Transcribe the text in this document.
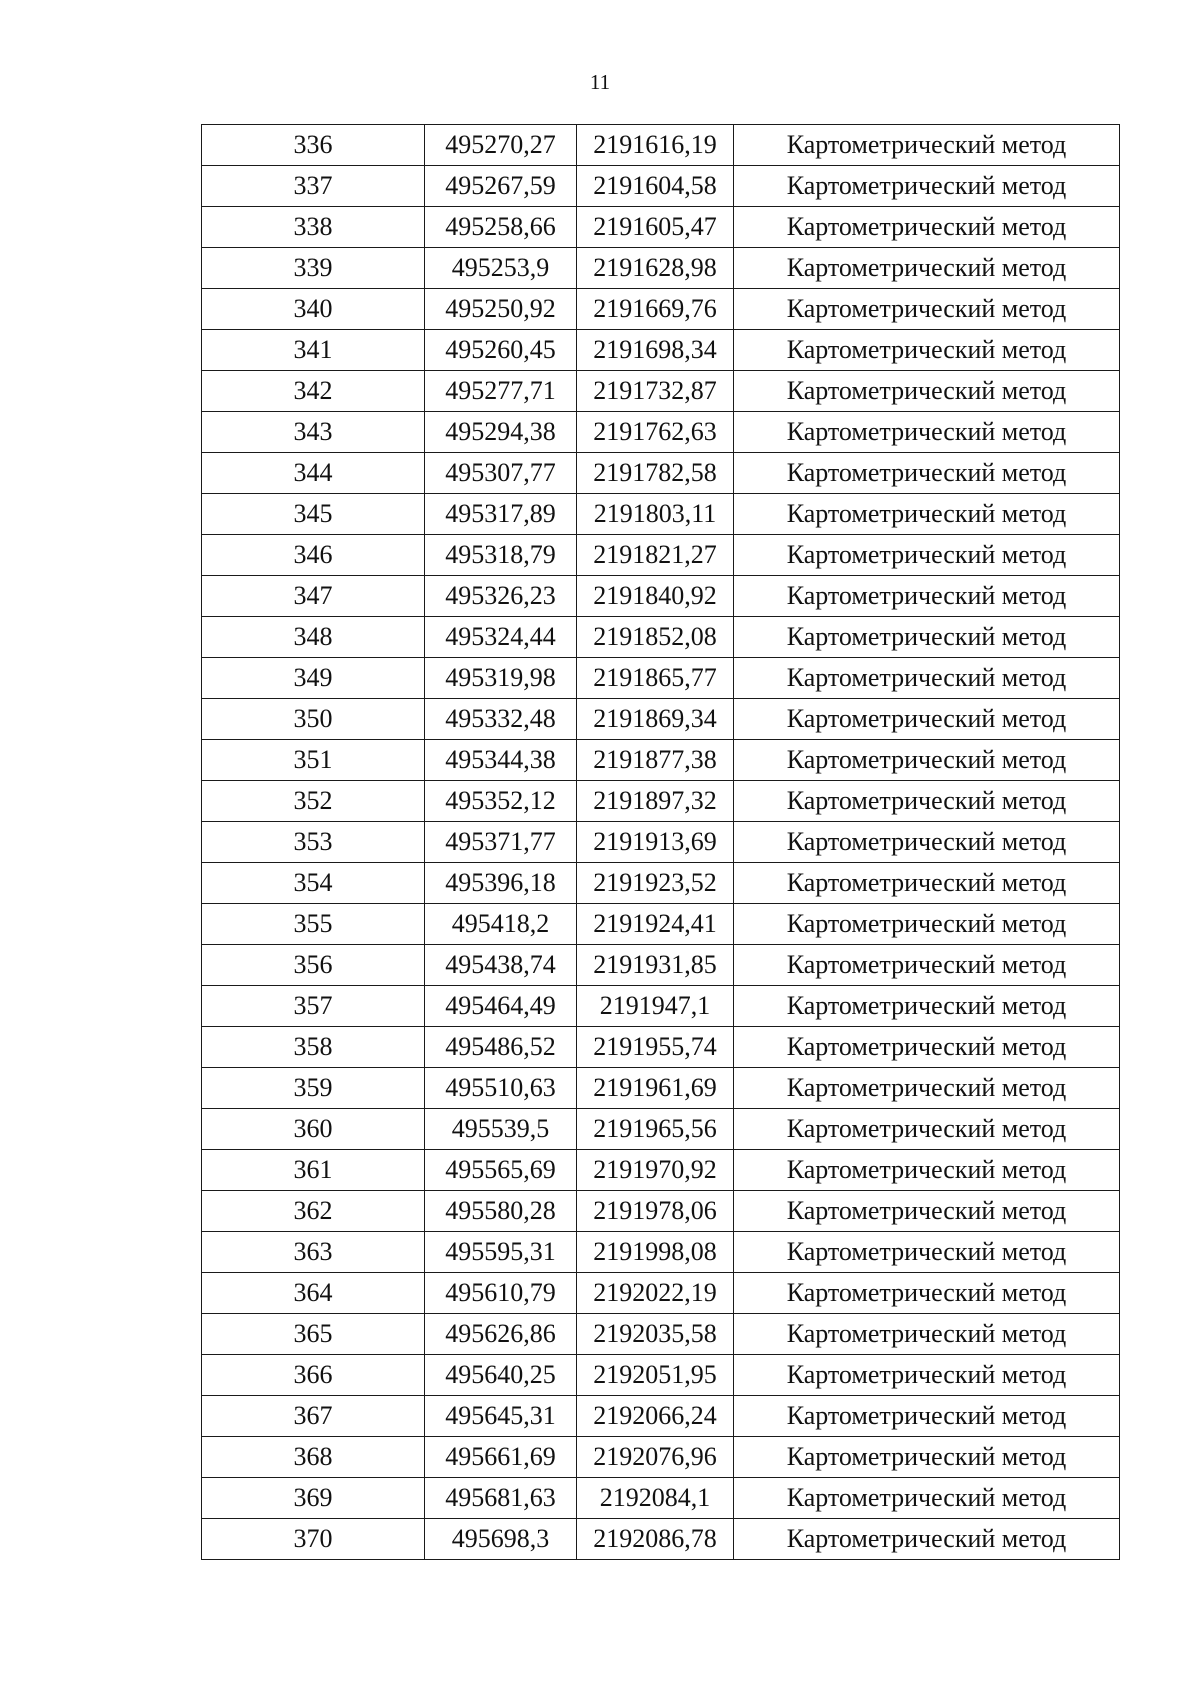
11
336	495270,27	2191616,19	Картометрический метод
337	495267,59	2191604,58	Картометрический метод
338	495258,66	2191605,47	Картометрический метод
339	495253,9	2191628,98	Картометрический метод
340	495250,92	2191669,76	Картометрический метод
341	495260,45	2191698,34	Картометрический метод
342	495277,71	2191732,87	Картометрический метод
343	495294,38	2191762,63	Картометрический метод
344	495307,77	2191782,58	Картометрический метод
345	495317,89	2191803,11	Картометрический метод
346	495318,79	2191821,27	Картометрический метод
347	495326,23	2191840,92	Картометрический метод
348	495324,44	2191852,08	Картометрический метод
349	495319,98	2191865,77	Картометрический метод
350	495332,48	2191869,34	Картометрический метод
351	495344,38	2191877,38	Картометрический метод
352	495352,12	2191897,32	Картометрический метод
353	495371,77	2191913,69	Картометрический метод
354	495396,18	2191923,52	Картометрический метод
355	495418,2	2191924,41	Картометрический метод
356	495438,74	2191931,85	Картометрический метод
357	495464,49	2191947,1	Картометрический метод
358	495486,52	2191955,74	Картометрический метод
359	495510,63	2191961,69	Картометрический метод
360	495539,5	2191965,56	Картометрический метод
361	495565,69	2191970,92	Картометрический метод
362	495580,28	2191978,06	Картометрический метод
363	495595,31	2191998,08	Картометрический метод
364	495610,79	2192022,19	Картометрический метод
365	495626,86	2192035,58	Картометрический метод
366	495640,25	2192051,95	Картометрический метод
367	495645,31	2192066,24	Картометрический метод
368	495661,69	2192076,96	Картометрический метод
369	495681,63	2192084,1	Картометрический метод
370	495698,3	2192086,78	Картометрический метод
